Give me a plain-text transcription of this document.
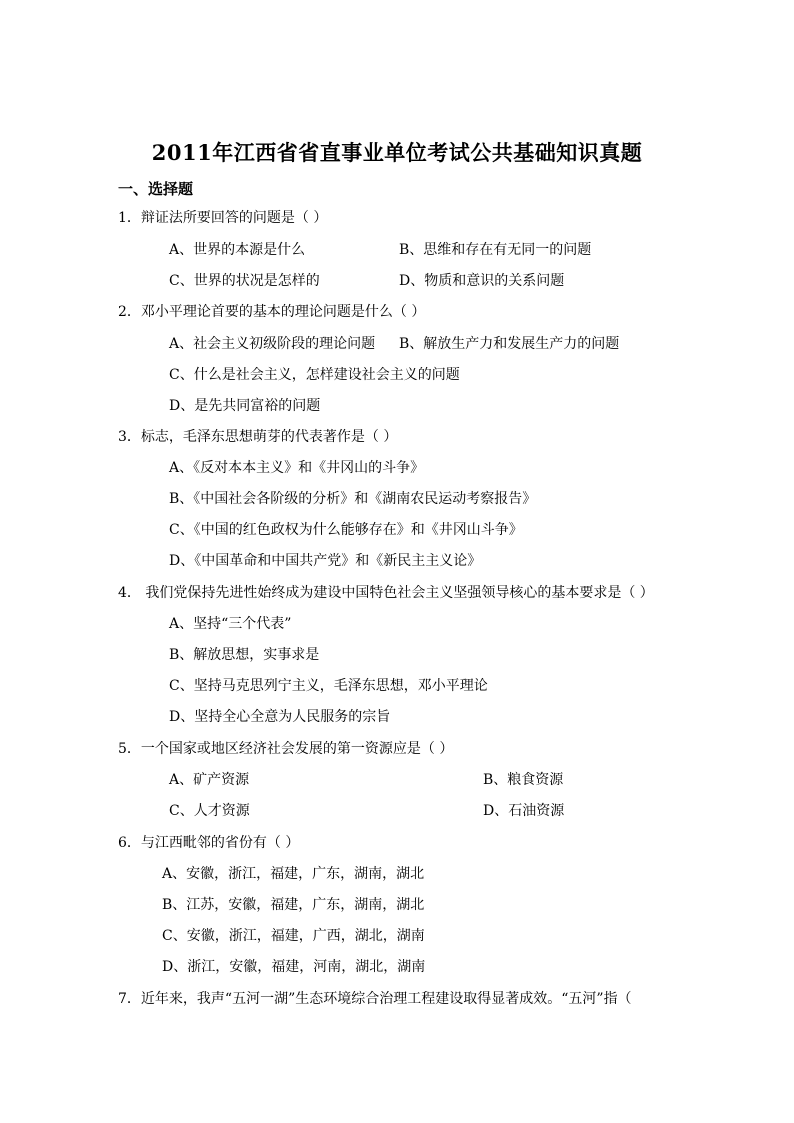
2011年江西省省直事业单位考试公共基础知识真题
一、选择题
1．辩证法所要回答的问题是（ ）
A、世界的本源是什么	B、思维和存在有无同一的问题
C、世界的状况是怎样的	D、物质和意识的关系问题
2．邓小平理论首要的基本的理论问题是什么（ ）
A、社会主义初级阶段的理论问题 B、解放生产力和发展生产力的问题
C、什么是社会主义，怎样建设社会主义的问题
D、是先共同富裕的问题
3．标志，毛泽东思想萌芽的代表著作是（ ）
A、《反对本本主义》和《井冈山的斗争》
B、《中国社会各阶级的分析》和《湖南农民运动考察报告》
C、《中国的红色政权为什么能够存在》和《井冈山斗争》
D、《中国革命和中国共产党》和《新民主主义论》
4． 我们党保持先进性始终成为建设中国特色社会主义坚强领导核心的基本要求是（ ）
A、坚持“三个代表”
B、解放思想，实事求是
C、坚持马克思列宁主义，毛泽东思想，邓小平理论
D、坚持全心全意为人民服务的宗旨
5．一个国家或地区经济社会发展的第一资源应是（ ）
A、矿产资源	B、粮食资源
C、人才资源	D、石油资源
6．与江西毗邻的省份有（ ）
A、安徽，浙江，福建，广东，湖南，湖北
B、江苏，安徽，福建，广东，湖南，湖北
C、安徽，浙江，福建，广西，湖北，湖南
D、浙江，安徽，福建，河南，湖北，湖南
7．近年来，我声“五河一湖”生态环境综合治理工程建设取得显著成效。“五河”指（
